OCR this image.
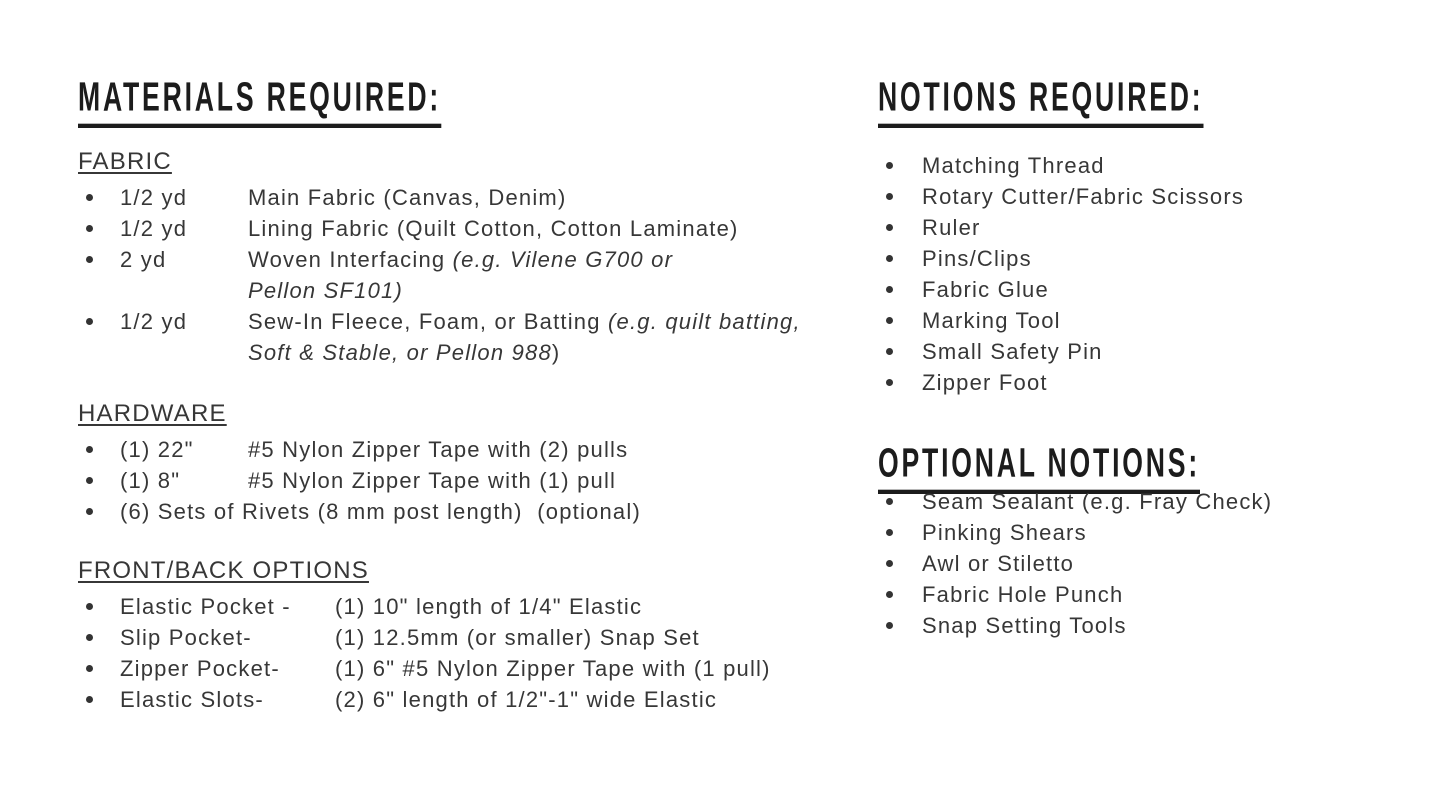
MATERIALS REQUIRED:
FABRIC
1/2 yd	Main Fabric (Canvas, Denim)
1/2 yd	Lining Fabric (Quilt Cotton, Cotton Laminate)
2 yd	Woven Interfacing (e.g. Vilene G700 or
Pellon SF101)
1/2 yd	Sew-In Fleece, Foam, or Batting (e.g. quilt batting,
Soft & Stable, or Pellon 988)
HARDWARE
(1) 22"	#5 Nylon Zipper Tape with (2) pulls
(1) 8"	#5 Nylon Zipper Tape with (1) pull
(6) Sets of Rivets (8 mm post length)  (optional)
FRONT/BACK OPTIONS
Elastic Pocket -	(1) 10" length of 1/4" Elastic
Slip Pocket-	(1) 12.5mm (or smaller) Snap Set
Zipper Pocket-	(1) 6" #5 Nylon Zipper Tape with (1 pull)
Elastic Slots-	(2) 6" length of 1/2"-1" wide Elastic
NOTIONS REQUIRED:
Matching Thread
Rotary Cutter/Fabric Scissors
Ruler
Pins/Clips
Fabric Glue
Marking Tool
Small Safety Pin
Zipper Foot
OPTIONAL NOTIONS:
Seam Sealant (e.g. Fray Check)
Pinking Shears
Awl or Stiletto
Fabric Hole Punch
Snap Setting Tools
